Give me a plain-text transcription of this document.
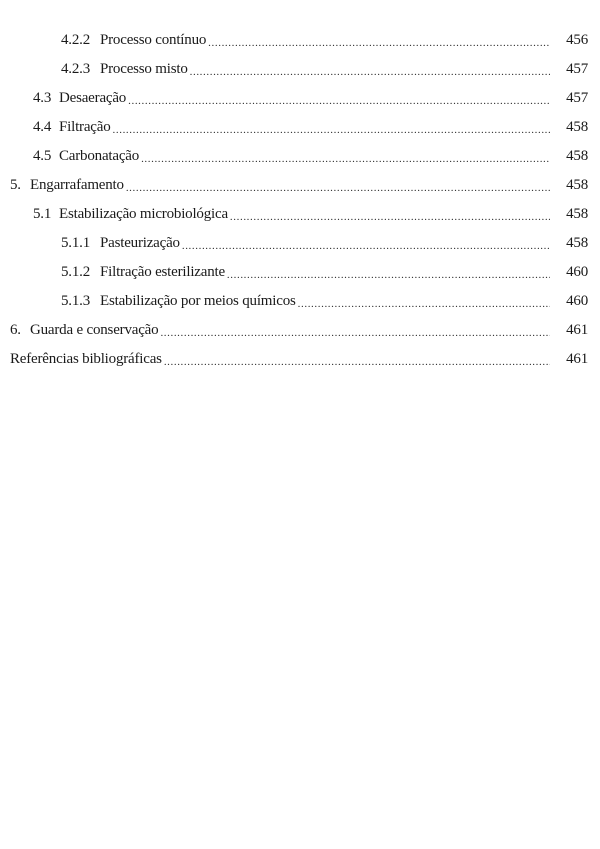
4.2.2 Processo contínuo .....	456
4.2.3 Processo misto .....	457
4.3 Desaeração .....	457
4.4 Filtração .....	458
4.5 Carbonatação .....	458
5. Engarrafamento .....	458
5.1 Estabilização microbiológica .....	458
5.1.1 Pasteurização .....	458
5.1.2 Filtração esterilizante .....	460
5.1.3 Estabilização por meios químicos .....	460
6. Guarda e conservação .....	461
Referências bibliográficas .....	461
